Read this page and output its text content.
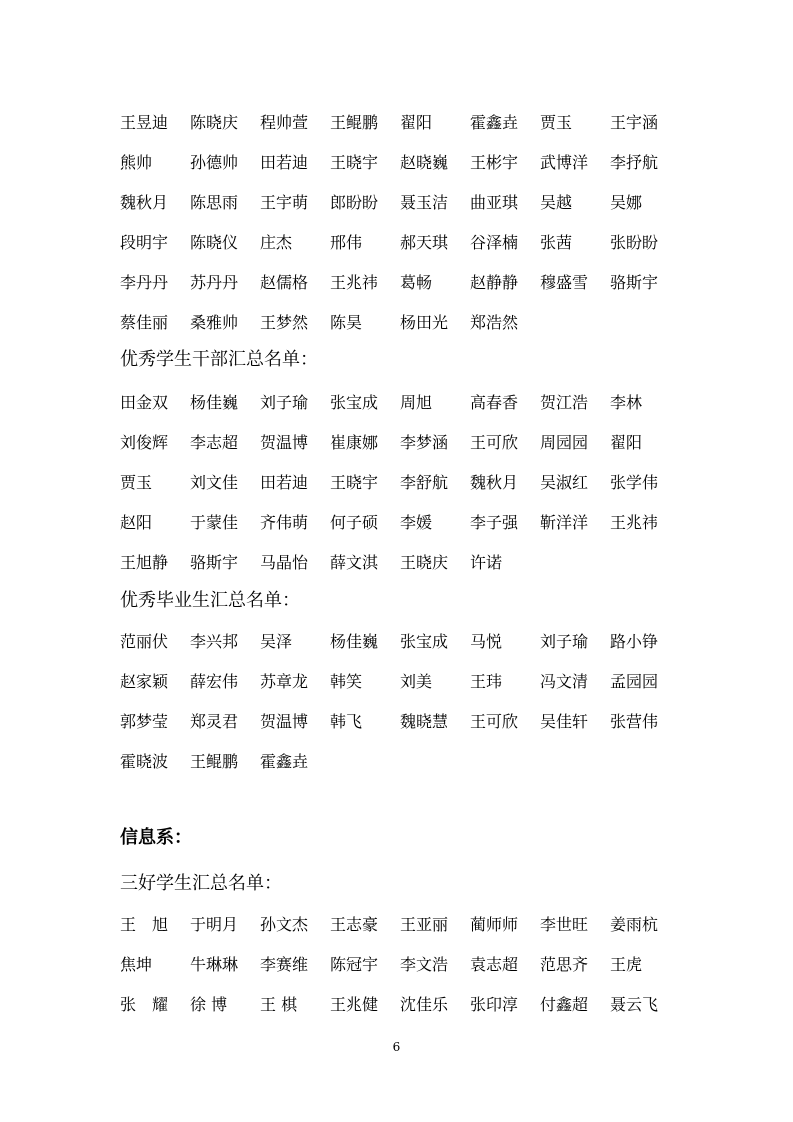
王昱迪	陈晓庆	程帅萱	王鲲鹏	翟阳	霍鑫垚	贾玉	王宇涵
熊帅	孙德帅	田若迪	王晓宇	赵晓巍	王彬宇	武博洋	李抒航
魏秋月	陈思雨	王宇萌	郎盼盼	聂玉洁	曲亚琪	吴越	吴娜
段明宇	陈晓仪	庄杰	邢伟	郝天琪	谷泽楠	张茜	张盼盼
李丹丹	苏丹丹	赵儒格	王兆祎	葛畅	赵静静	穆盛雪	骆斯宇
蔡佳丽	桑雅帅	王梦然	陈昊	杨田光	郑浩然
优秀学生干部汇总名单：
田金双	杨佳巍	刘子瑜	张宝成	周旭	高春香	贺江浩	李林
刘俊辉	李志超	贺温博	崔康娜	李梦涵	王可欣	周园园	翟阳
贾玉	刘文佳	田若迪	王晓宇	李舒航	魏秋月	吴淑红	张学伟
赵阳	于蒙佳	齐伟萌	何子硕	李媛	李子强	靳洋洋	王兆祎
王旭静	骆斯宇	马晶怡	薛文淇	王晓庆	许诺
优秀毕业生汇总名单：
范丽伏	李兴邦	吴泽	杨佳巍	张宝成	马悦	刘子瑜	路小铮
赵家颖	薛宏伟	苏章龙	韩笑	刘美	王玮	冯文清	孟园园
郭梦莹	郑灵君	贺温博	韩飞	魏晓慧	王可欣	吴佳轩	张营伟
霍晓波	王鲲鹏	霍鑫垚
信息系：
三好学生汇总名单：
王　旭	于明月	孙文杰	王志豪	王亚丽	蔺师师	李世旺	姜雨杭
焦坤	牛琳琳	李赛维	陈冠宇	李文浩	袁志超	范思齐	王虎
张　耀	徐 博	王 棋	王兆健	沈佳乐	张印淳	付鑫超	聂云飞
6
